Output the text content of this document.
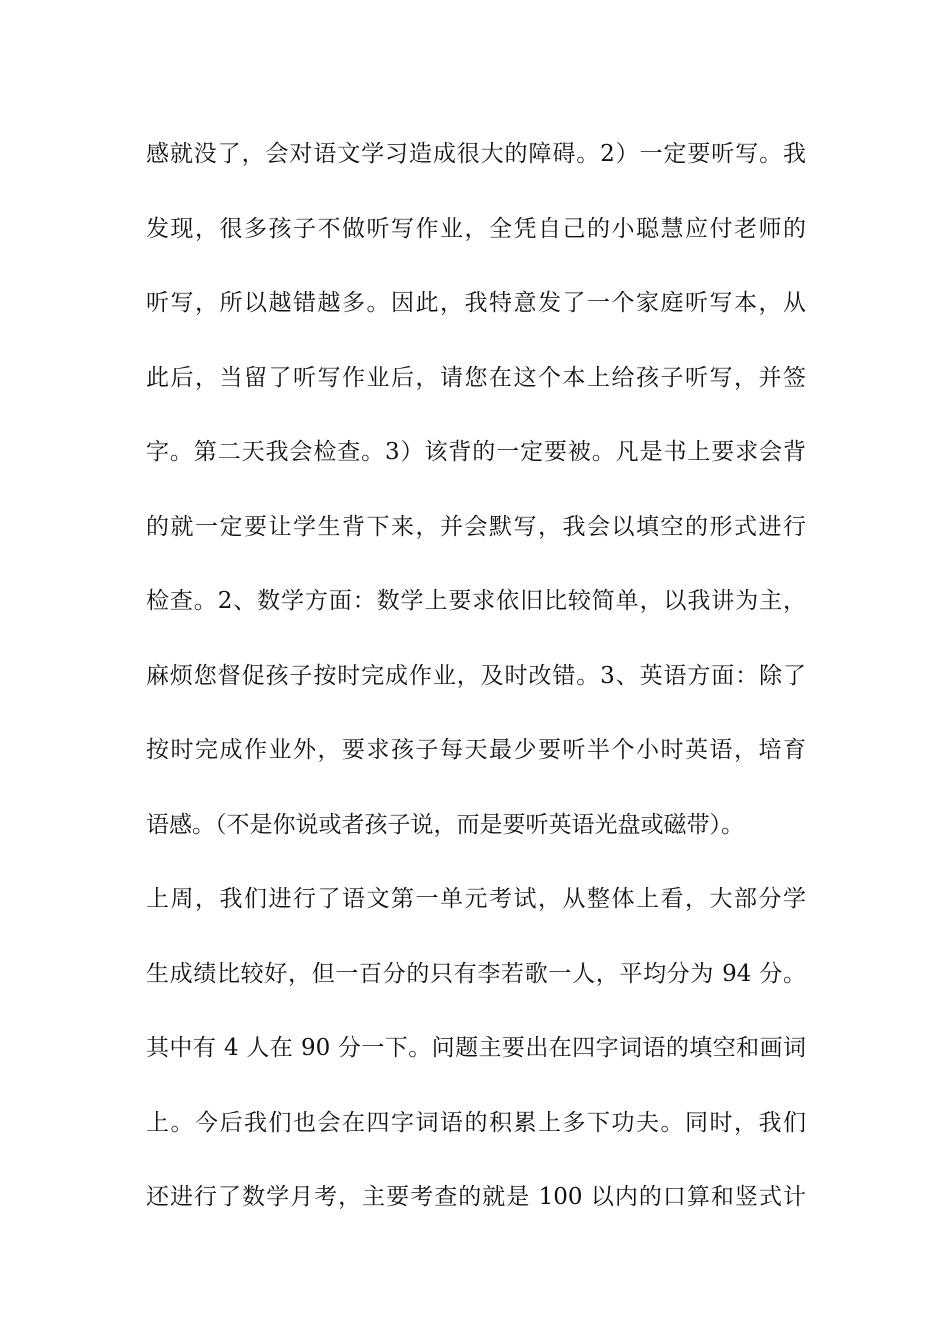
感就没了，会对语文学习造成很大的障碍。2）一定要听写。我
发现，很多孩子不做听写作业，全凭自己的小聪慧应付老师的
听写，所以越错越多。因此，我特意发了一个家庭听写本，从
此后，当留了听写作业后，请您在这个本上给孩子听写，并签
字。第二天我会检查。3）该背的一定要被。凡是书上要求会背
的就一定要让学生背下来，并会默写，我会以填空的形式进行
检查。2、数学方面：数学上要求依旧比较简单，以我讲为主，
麻烦您督促孩子按时完成作业，及时改错。3、英语方面：除了
按时完成作业外，要求孩子每天最少要听半个小时英语，培育
语感。（不是你说或者孩子说，而是要听英语光盘或磁带）。
上周，我们进行了语文第一单元考试，从整体上看，大部分学
生成绩比较好，但一百分的只有李若歌一人，平均分为 94 分。
其中有 4 人在 90 分一下。问题主要出在四字词语的填空和画词
上。今后我们也会在四字词语的积累上多下功夫。同时，我们
还进行了数学月考，主要考查的就是 100 以内的口算和竖式计
